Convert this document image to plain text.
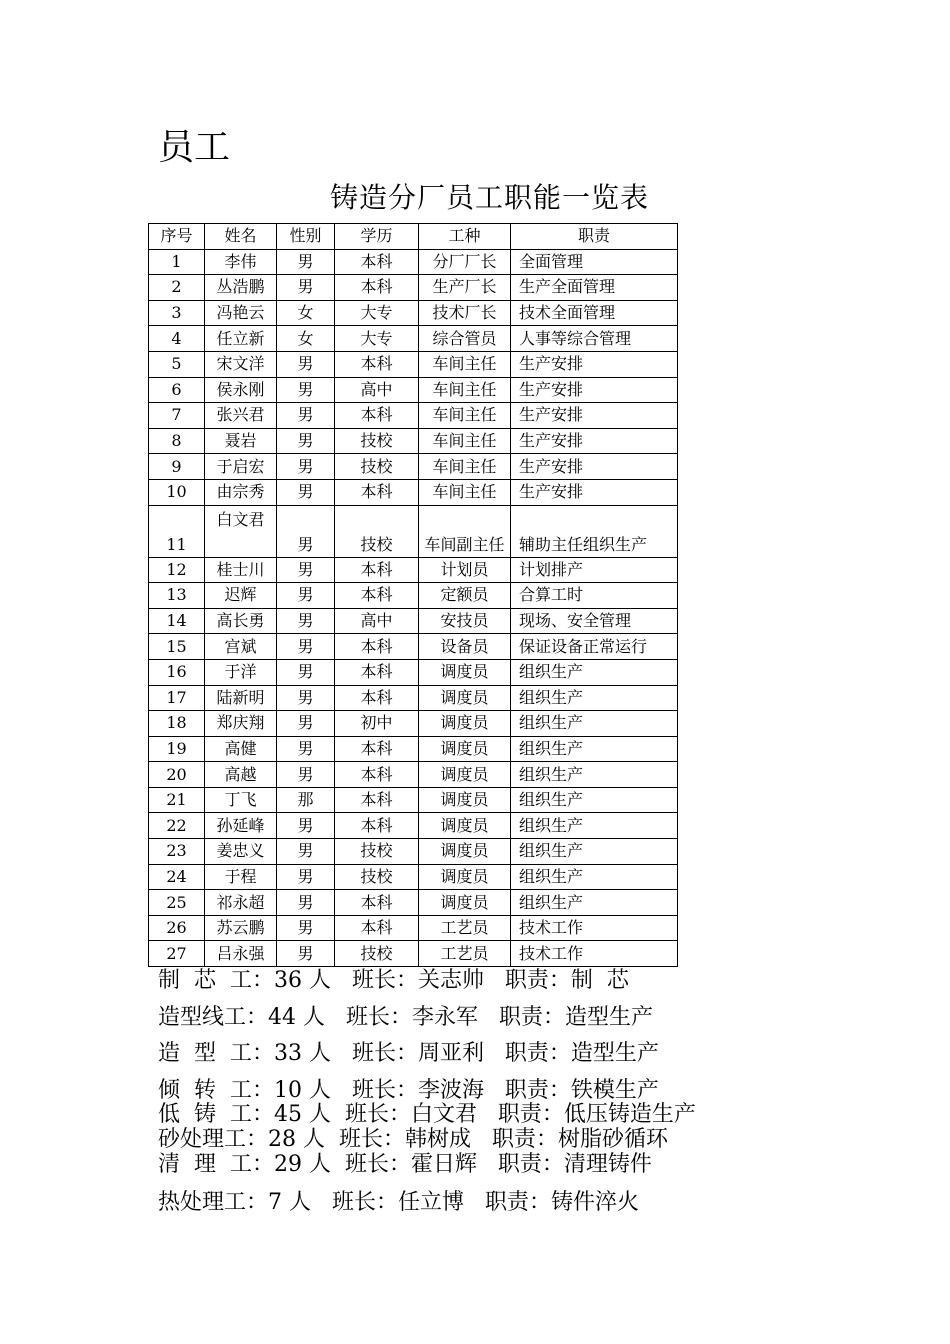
员工
铸造分厂员工职能一览表
序号	姓名	性别	学历	工种	职责
1	李伟	男	本科	分厂厂长	全面管理
2	丛浩鹏	男	本科	生产厂长	生产全面管理
3	冯艳云	女	大专	技术厂长	技术全面管理
4	任立新	女	大专	综合管员	人事等综合管理
5	宋文洋	男	本科	车间主任	生产安排
6	侯永刚	男	高中	车间主任	生产安排
7	张兴君	男	本科	车间主任	生产安排
8	聂岩	男	技校	车间主任	生产安排
9	于启宏	男	技校	车间主任	生产安排
10	由宗秀	男	本科	车间主任	生产安排
11	白文君	男	技校	车间副主任	辅助主任组织生产
12	桂士川	男	本科	计划员	计划排产
13	迟辉	男	本科	定额员	合算工时
14	高长勇	男	高中	安技员	现场、安全管理
15	宫斌	男	本科	设备员	保证设备正常运行
16	于洋	男	本科	调度员	组织生产
17	陆新明	男	本科	调度员	组织生产
18	郑庆翔	男	初中	调度员	组织生产
19	高健	男	本科	调度员	组织生产
20	高越	男	本科	调度员	组织生产
21	丁飞	那	本科	调度员	组织生产
22	孙延峰	男	本科	调度员	组织生产
23	姜忠义	男	技校	调度员	组织生产
24	于程	男	技校	调度员	组织生产
25	祁永超	男	本科	调度员	组织生产
26	苏云鹏	男	本科	工艺员	技术工作
27	吕永强	男	技校	工艺员	技术工作
制  芯  工：36 人   班长：关志帅   职责：制  芯
造型线工：44 人   班长：李永军   职责：造型生产
造  型  工：33 人   班长：周亚利   职责：造型生产
倾  转  工：10 人   班长：李波海   职责：铁模生产
低  铸  工：45 人  班长：白文君   职责：低压铸造生产
砂处理工：28 人  班长：韩树成   职责：树脂砂循环
清  理  工：29 人  班长：霍日辉   职责：清理铸件
热处理工：7 人   班长：任立博   职责：铸件淬火
